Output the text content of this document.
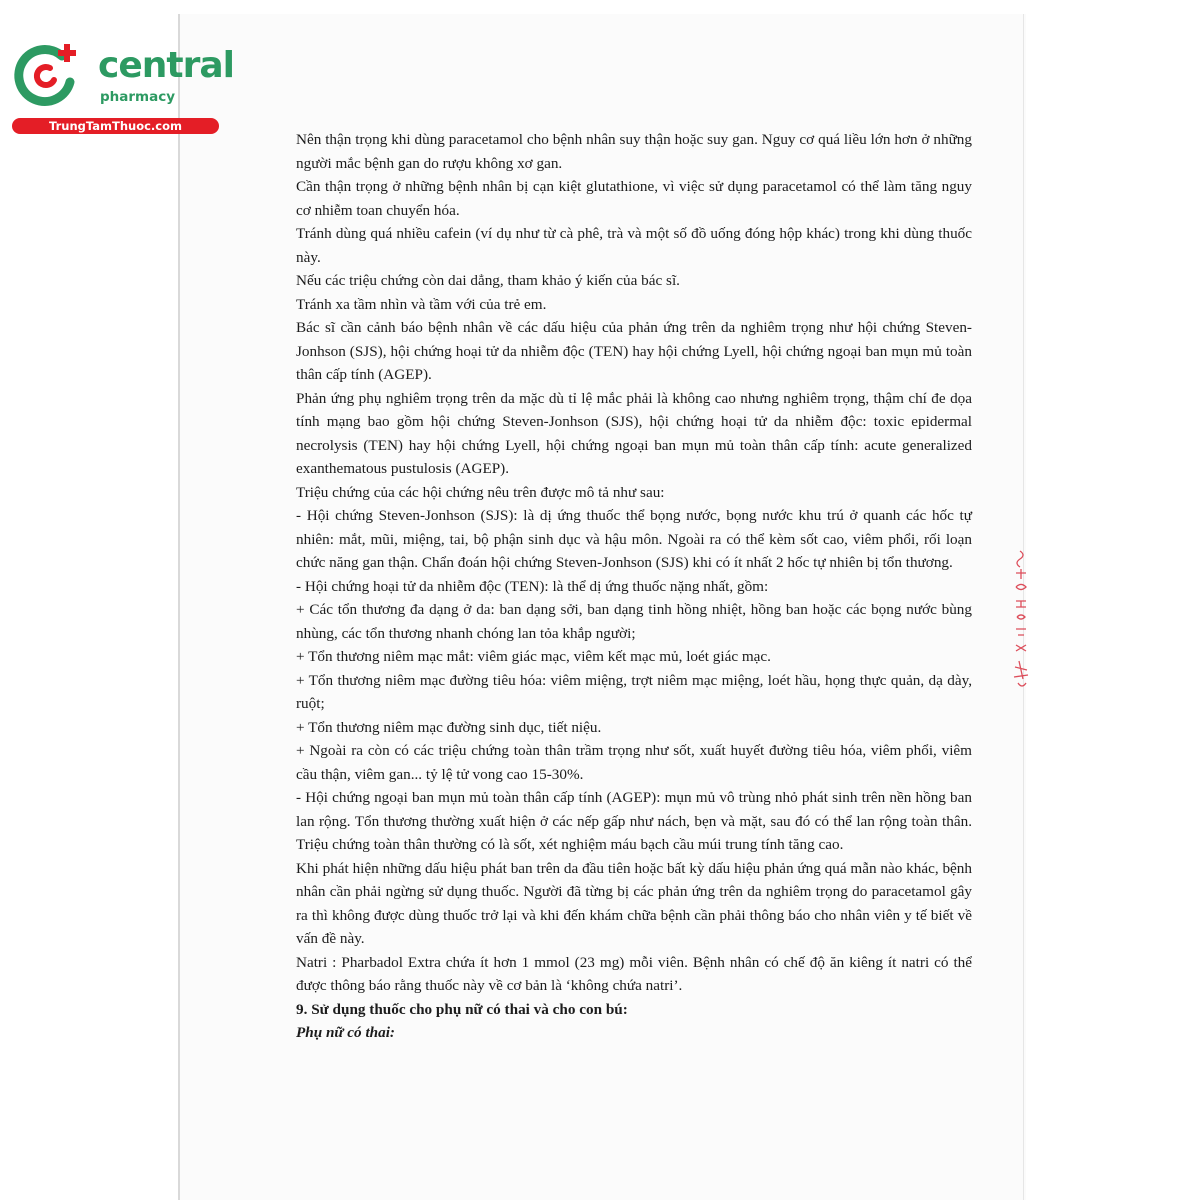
central
pharmacy
TrungTamThuoc.com

Nên thận trọng khi dùng paracetamol cho bệnh nhân suy thận hoặc suy gan. Nguy cơ quá liều lớn hơn ở những người mắc bệnh gan do rượu không xơ gan.

Cần thận trọng ở những bệnh nhân bị cạn kiệt glutathione, vì việc sử dụng paracetamol có thể làm tăng nguy cơ nhiễm toan chuyển hóa.

Tránh dùng quá nhiều cafein (ví dụ như từ cà phê, trà và một số đồ uống đóng hộp khác) trong khi dùng thuốc này.

Nếu các triệu chứng còn dai dẳng, tham khảo ý kiến của bác sĩ.

Tránh xa tầm nhìn và tầm với của trẻ em.

Bác sĩ cần cảnh báo bệnh nhân về các dấu hiệu của phản ứng trên da nghiêm trọng như hội chứng Steven-Jonhson (SJS), hội chứng hoại tử da nhiễm độc (TEN) hay hội chứng Lyell, hội chứng ngoại ban mụn mủ toàn thân cấp tính (AGEP).

Phản ứng phụ nghiêm trọng trên da mặc dù tỉ lệ mắc phải là không cao nhưng nghiêm trọng, thậm chí đe dọa tính mạng bao gồm hội chứng Steven-Jonhson (SJS), hội chứng hoại tử da nhiễm độc: toxic epidermal necrolysis (TEN) hay hội chứng Lyell, hội chứng ngoại ban mụn mủ toàn thân cấp tính: acute generalized exanthematous pustulosis (AGEP).

Triệu chứng của các hội chứng nêu trên được mô tả như sau:

- Hội chứng Steven-Jonhson (SJS): là dị ứng thuốc thể bọng nước, bọng nước khu trú ở quanh các hốc tự nhiên: mắt, mũi, miệng, tai, bộ phận sinh dục và hậu môn. Ngoài ra có thể kèm sốt cao, viêm phổi, rối loạn chức năng gan thận. Chẩn đoán hội chứng Steven-Jonhson (SJS) khi có ít nhất 2 hốc tự nhiên bị tổn thương.

- Hội chứng hoại tử da nhiễm độc (TEN): là thể dị ứng thuốc nặng nhất, gồm:

+ Các tổn thương đa dạng ở da: ban dạng sởi, ban dạng tinh hồng nhiệt, hồng ban hoặc các bọng nước bùng nhùng, các tổn thương nhanh chóng lan tỏa khắp người;

+ Tổn thương niêm mạc mắt: viêm giác mạc, viêm kết mạc mủ, loét giác mạc.

+ Tổn thương niêm mạc đường tiêu hóa: viêm miệng, trợt niêm mạc miệng, loét hầu, họng thực quản, dạ dày, ruột;

+ Tổn thương niêm mạc đường sinh dục, tiết niệu.

+ Ngoài ra còn có các triệu chứng toàn thân trầm trọng như sốt, xuất huyết đường tiêu hóa, viêm phổi, viêm cầu thận, viêm gan... tỷ lệ tử vong cao 15-30%.

- Hội chứng ngoại ban mụn mủ toàn thân cấp tính (AGEP): mụn mủ vô trùng nhỏ phát sinh trên nền hồng ban lan rộng. Tổn thương thường xuất hiện ở các nếp gấp như nách, bẹn và mặt, sau đó có thể lan rộng toàn thân. Triệu chứng toàn thân thường có là sốt, xét nghiệm máu bạch cầu múi trung tính tăng cao.

Khi phát hiện những dấu hiệu phát ban trên da đầu tiên hoặc bất kỳ dấu hiệu phản ứng quá mẫn nào khác, bệnh nhân cần phải ngừng sử dụng thuốc. Người đã từng bị các phản ứng trên da nghiêm trọng do paracetamol gây ra thì không được dùng thuốc trở lại và khi đến khám chữa bệnh cần phải thông báo cho nhân viên y tế biết về vấn đề này.

Natri : Pharbadol Extra chứa ít hơn 1 mmol (23 mg) mỗi viên. Bệnh nhân có chế độ ăn kiêng ít natri có thể được thông báo rằng thuốc này về cơ bản là ‘không chứa natri’.

9. Sử dụng thuốc cho phụ nữ có thai và cho con bú:

Phụ nữ có thai:
